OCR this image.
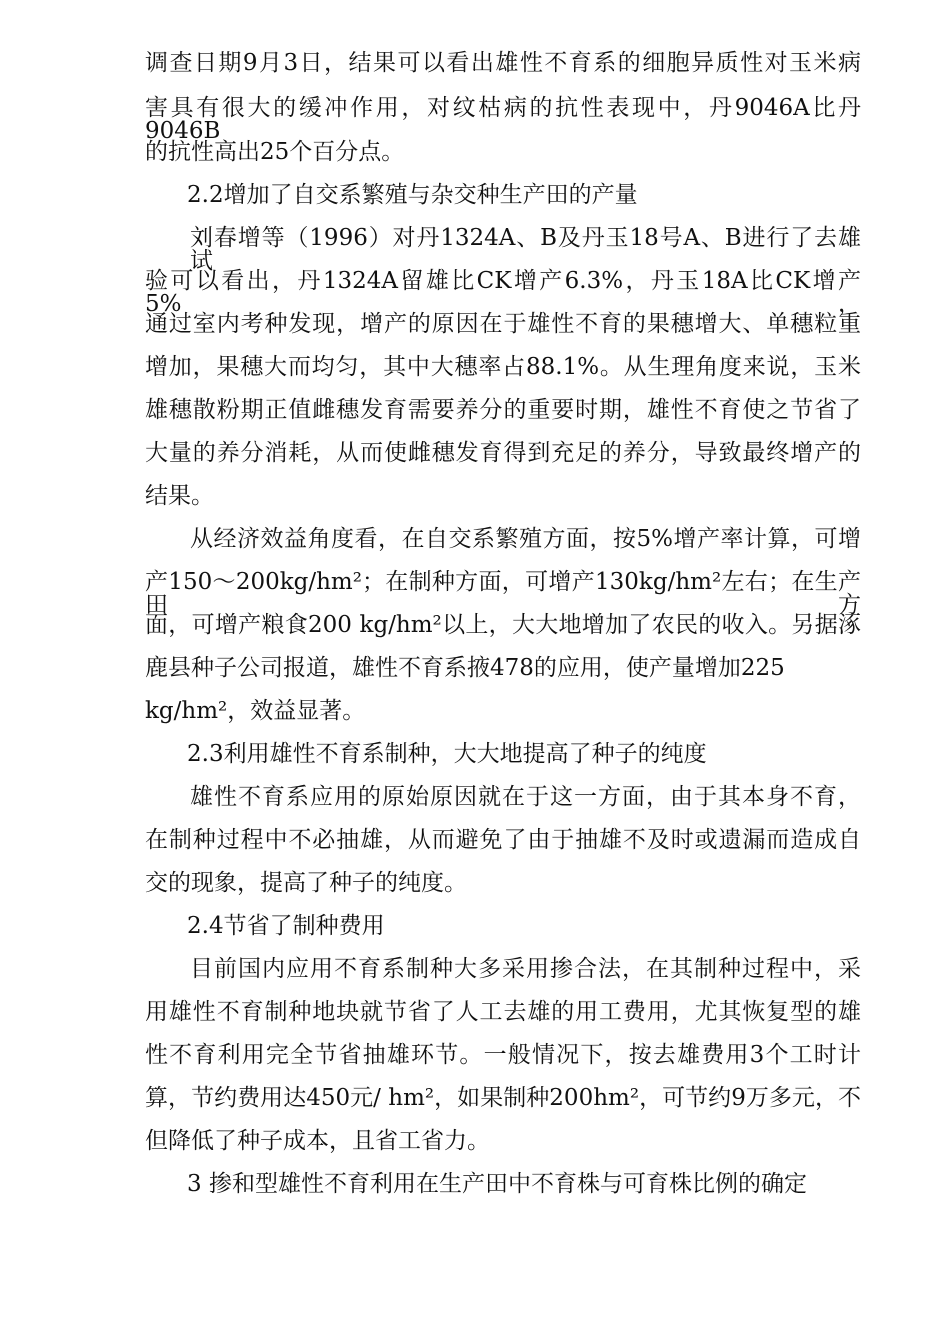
调查日期9月3日，结果可以看出雄性不育系的细胞异质性对玉米病
害具有很大的缓冲作用，对纹枯病的抗性表现中，丹9046A比丹9046B
的抗性高出25个百分点。
2.2增加了自交系繁殖与杂交种生产田的产量
刘春增等（1996）对丹1324A、B及丹玉18号A、B进行了去雄试
验可以看出，丹1324A留雄比CK增产6.3%，丹玉18A比CK增产5%，
通过室内考种发现，增产的原因在于雄性不育的果穗增大、单穗粒重
增加，果穗大而均匀，其中大穗率占88.1%。从生理角度来说，玉米
雄穗散粉期正值雌穗发育需要养分的重要时期，雄性不育使之节省了
大量的养分消耗，从而使雌穗发育得到充足的养分，导致最终增产的
结果。
从经济效益角度看，在自交系繁殖方面，按5%增产率计算，可增
产150～200kg/hm²；在制种方面，可增产130kg/hm²左右；在生产田方
面，可增产粮食200 kg/hm²以上，大大地增加了农民的收入。另据涿
鹿县种子公司报道，雄性不育系掖478的应用，使产量增加225
kg/hm²，效益显著。
2.3利用雄性不育系制种，大大地提高了种子的纯度
雄性不育系应用的原始原因就在于这一方面，由于其本身不育，
在制种过程中不必抽雄，从而避免了由于抽雄不及时或遗漏而造成自
交的现象，提高了种子的纯度。
2.4节省了制种费用
目前国内应用不育系制种大多采用掺合法，在其制种过程中，采
用雄性不育制种地块就节省了人工去雄的用工费用，尤其恢复型的雄
性不育利用完全节省抽雄环节。一般情况下，按去雄费用3个工时计
算，节约费用达450元/ hm²，如果制种200hm²，可节约9万多元，不
但降低了种子成本，且省工省力。
3 掺和型雄性不育利用在生产田中不育株与可育株比例的确定
